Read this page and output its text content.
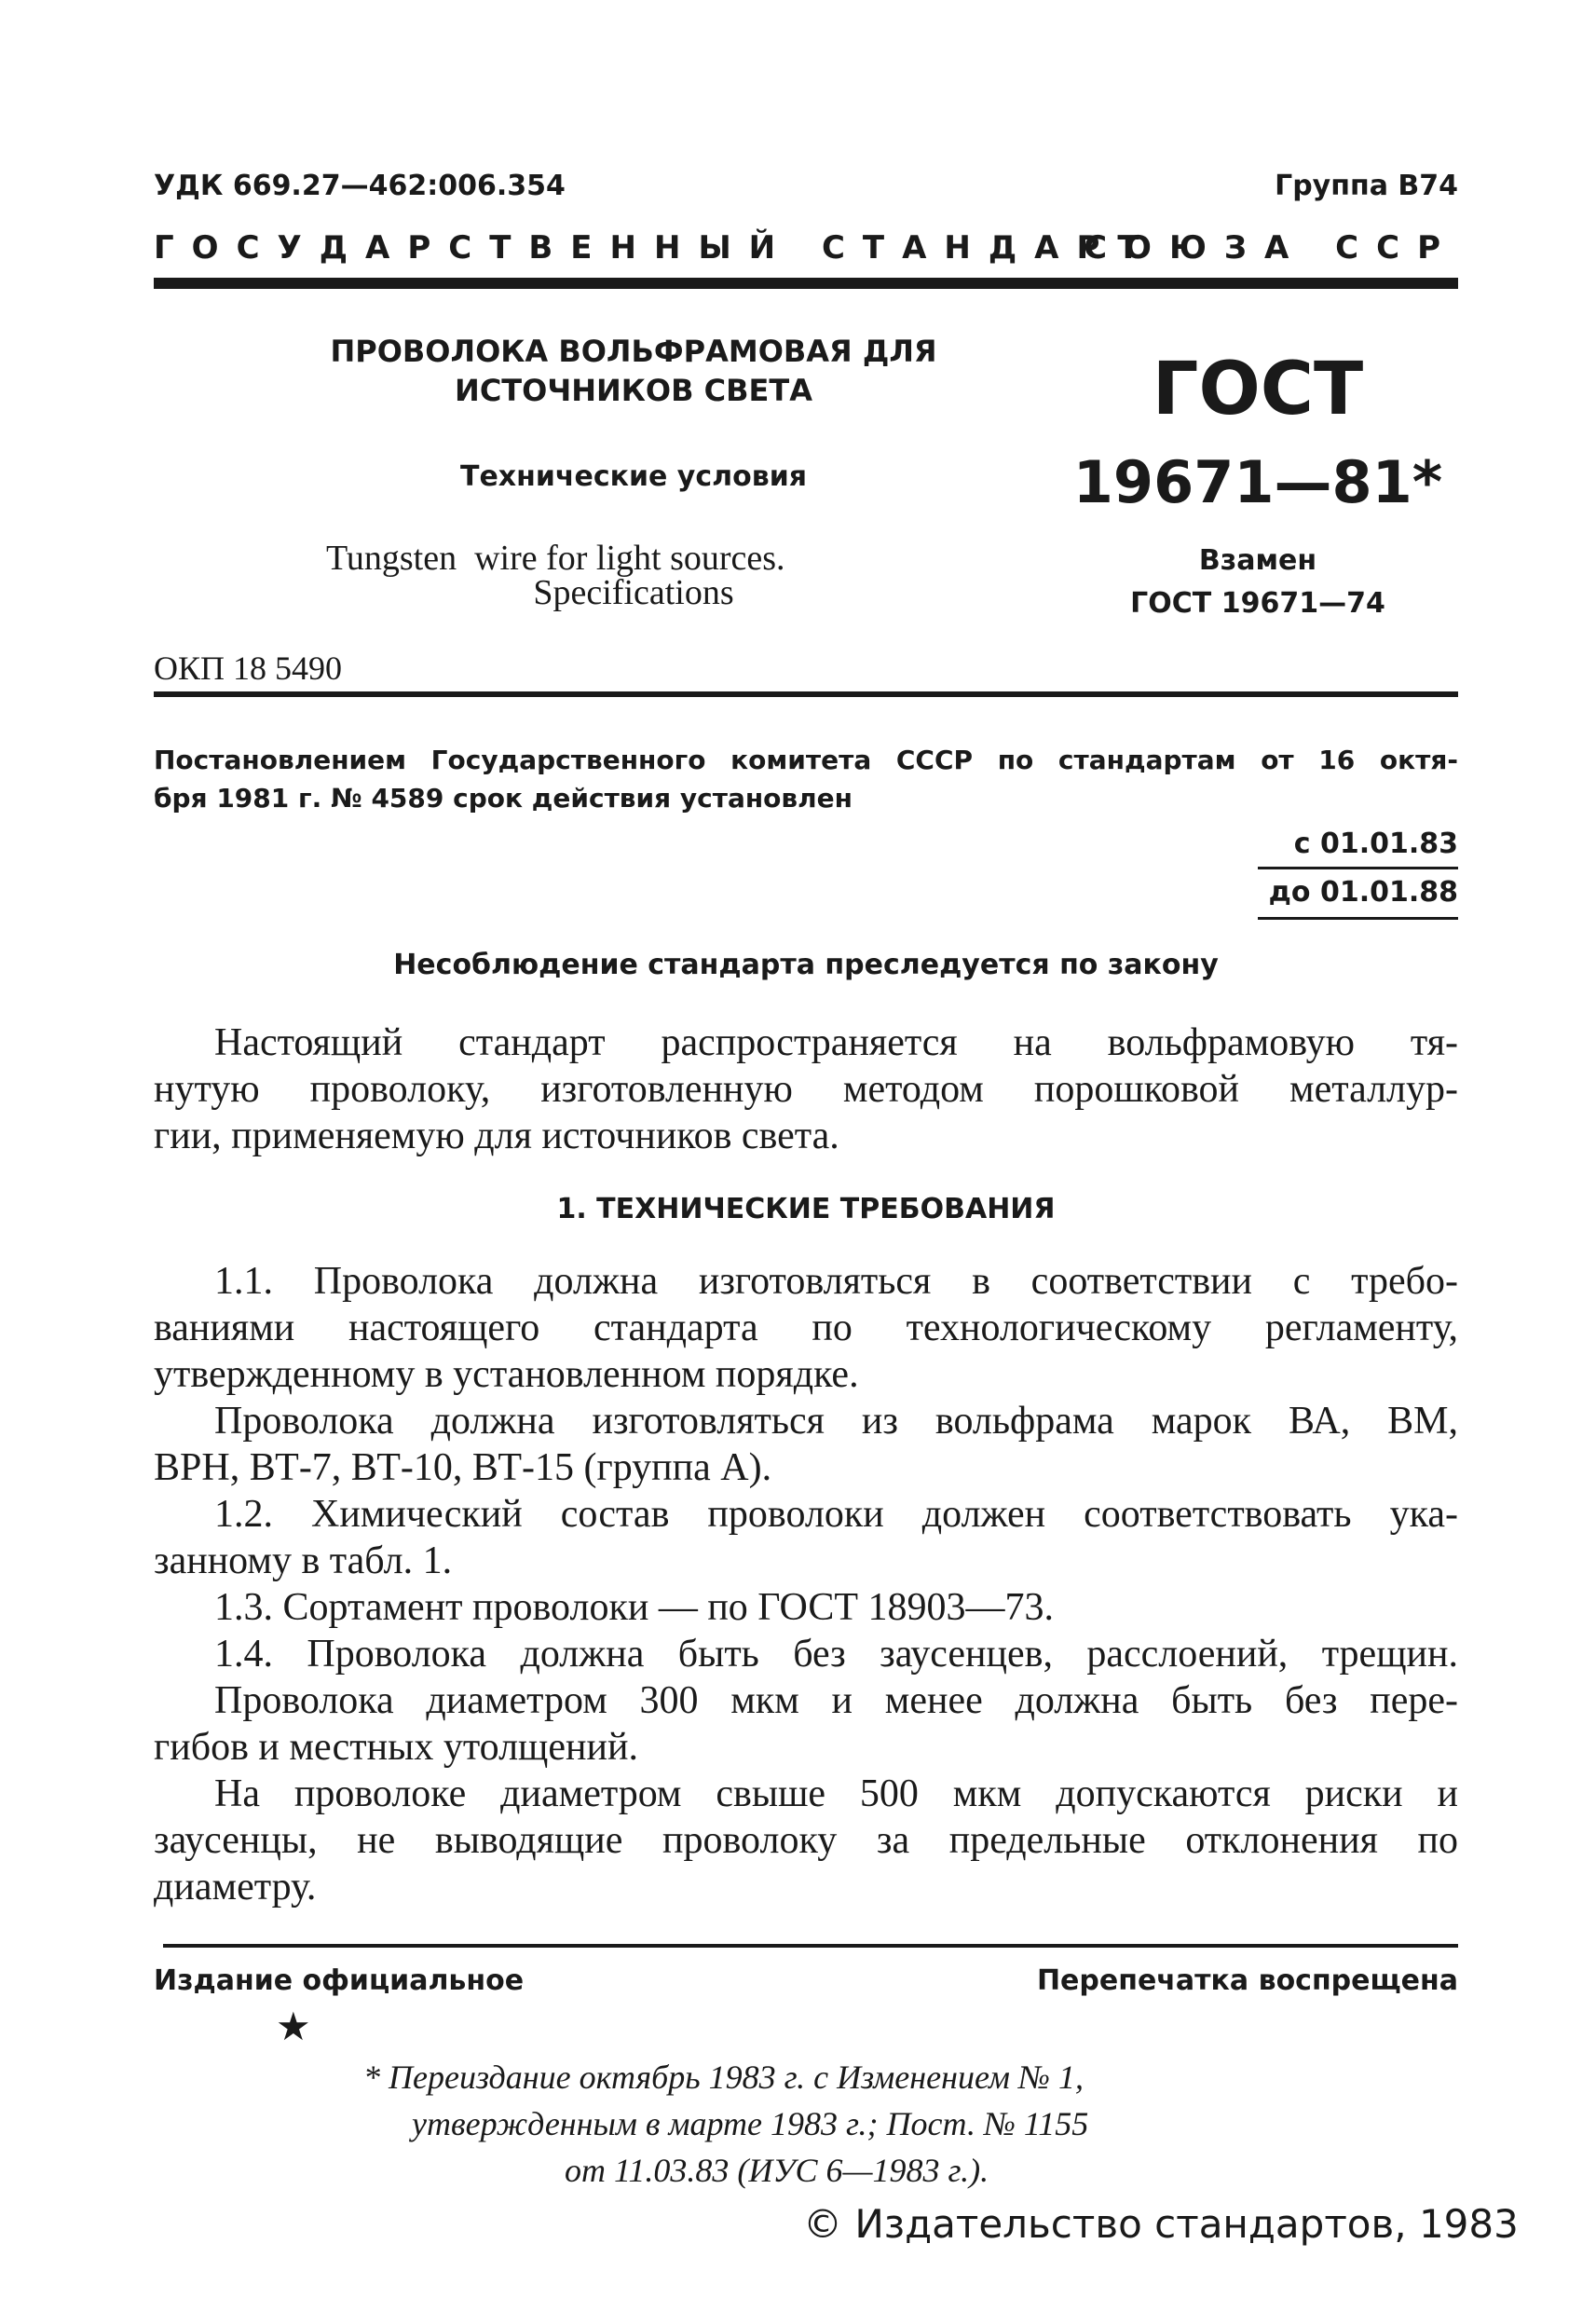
УДК 669.27—462:006.354	Группа В74
ГОСУДАРСТВЕННЫЙ СТАНДАРТ
СОЮЗА ССР
ПРОВОЛОКА ВОЛЬФРАМОВАЯ ДЛЯ
ИСТОЧНИКОВ СВЕТА
Технические условия
Tungsten  wire for light sources.
Specifications
ОКП 18 5490
ГОСТ
19671—81*
Взамен
ГОСТ 19671—74
Постановлением Государственного комитета СССР по стандартам от 16 октя-
бря 1981 г. № 4589 срок действия установлен
с 01.01.83
до 01.01.88
Несоблюдение стандарта преследуется по закону
Настоящий стандарт распространяется на вольфрамовую тя-
нутую проволоку, изготовленную методом порошковой металлур-
гии, применяемую для источников света.
1. ТЕХНИЧЕСКИЕ ТРЕБОВАНИЯ
1.1. Проволока должна изготовляться в соответствии с требо-
ваниями настоящего стандарта по технологическому регламенту,
утвержденному в установленном порядке.
Проволока должна изготовляться из вольфрама марок ВА, ВМ,
ВРН, ВТ-7, ВТ-10, ВТ-15 (группа А).
1.2. Химический состав проволоки должен соответствовать ука-
занному в табл. 1.
1.3. Сортамент проволоки — по ГОСТ 18903—73.
1.4. Проволока должна быть без заусенцев, расслоений, трещин.
Проволока диаметром 300 мкм и менее должна быть без пере-
гибов и местных утолщений.
На проволоке диаметром свыше 500 мкм допускаются риски и
заусенцы, не выводящие проволоку за предельные отклонения по
диаметру.
Издание официальное	Перепечатка воспрещена
★
* Переиздание октябрь 1983 г. с Изменением № 1,
утвержденным в марте 1983 г.; Пост. № 1155
от 11.03.83 (ИУС 6—1983 г.).
© Издательство стандартов, 1983
